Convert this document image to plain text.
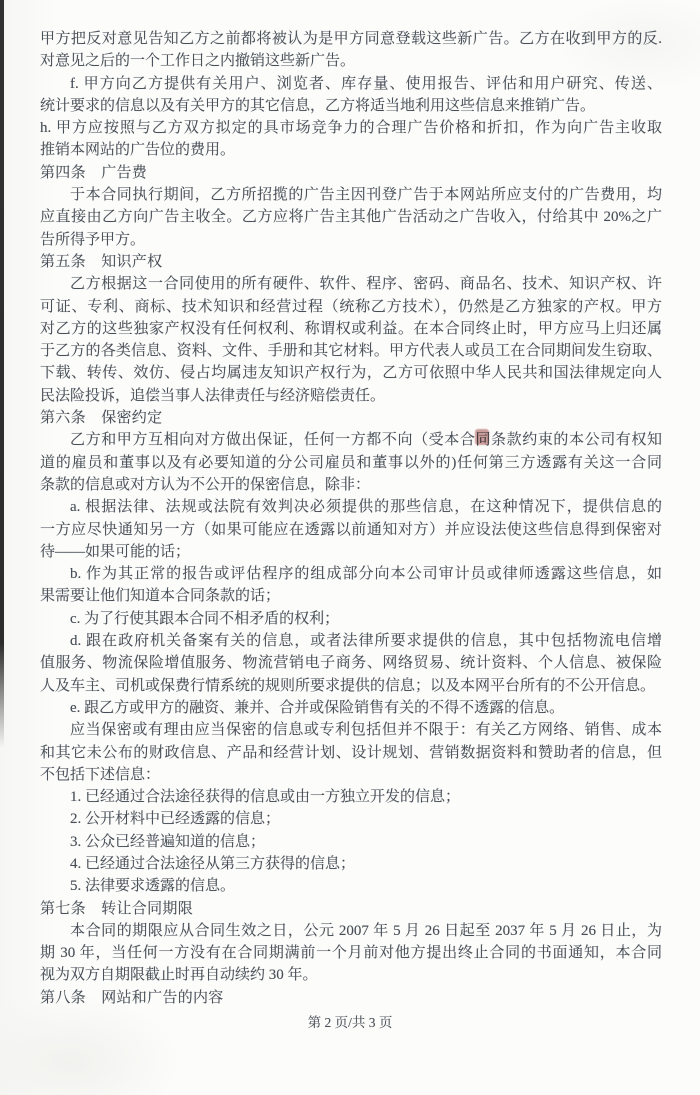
甲方把反对意见告知乙方之前都将被认为是甲方同意登载这些新广告。乙方在收到甲方的反.
对意见之后的一个工作日之内撤销这些新广告。
f. 甲方向乙方提供有关用户、浏览者、库存量、使用报告、评估和用户研究、传送、
统计要求的信息以及有关甲方的其它信息，乙方将适当地利用这些信息来推销广告。
h. 甲方应按照与乙方双方拟定的具市场竞争力的合理广告价格和折扣，作为向广告主收取
推销本网站的广告位的费用。
第四条　广告费
于本合同执行期间，乙方所招揽的广告主因刊登广告于本网站所应支付的广告费用，均
应直接由乙方向广告主收全。乙方应将广告主其他广告活动之广告收入，付给其中 20%之广
告所得予甲方。
第五条　知识产权
乙方根据这一合同使用的所有硬件、软件、程序、密码、商品名、技术、知识产权、许
可证、专利、商标、技术知识和经营过程（统称乙方技术），仍然是乙方独家的产权。甲方
对乙方的这些独家产权没有任何权利、称谓权或利益。在本合同终止时，甲方应马上归还属
于乙方的各类信息、资料、文件、手册和其它材料。甲方代表人或员工在合同期间发生窃取、
下载、转传、效仿、侵占均属违友知识产权行为，乙方可依照中华人民共和国法律规定向人
民法险投诉，追偿当事人法律责任与经济赔偿责任。
第六条　保密约定
乙方和甲方互相向对方做出保证，任何一方都不向（受本合同条款约束的本公司有权知
道的雇员和董事以及有必要知道的分公司雇员和董事以外的)任何第三方透露有关这一合同
条款的信息或对方认为不公开的保密信息，除非：
a. 根据法律、法规或法院有效判决必须提供的那些信息，在这种情况下，提供信息的
一方应尽快通知另一方（如果可能应在透露以前通知对方）并应设法使这些信息得到保密对
待——如果可能的话；
b. 作为其正常的报告或评估程序的组成部分向本公司审计员或律师透露这些信息，如
果需要让他们知道本合同条款的话；
c. 为了行使其跟本合同不相矛盾的权利；
d. 跟在政府机关备案有关的信息，或者法律所要求提供的信息，其中包括物流电信增
值服务、物流保险增值服务、物流营销电子商务、网络贸易、统计资料、个人信息、被保险
人及车主、司机或保费行情系统的规则所要求提供的信息；以及本网平台所有的不公开信息。
e. 跟乙方或甲方的融资、兼并、合并或保险销售有关的不得不透露的信息。
应当保密或有理由应当保密的信息或专利包括但并不限于：有关乙方网络、销售、成本
和其它未公布的财政信息、产品和经营计划、设计规划、营销数据资料和赞助者的信息，但
不包括下述信息：
1. 已经通过合法途径获得的信息或由一方独立开发的信息；
2. 公开材料中已经透露的信息；
3. 公众已经普遍知道的信息；
4. 已经通过合法途径从第三方获得的信息；
5. 法律要求透露的信息。
第七条　转让合同期限
本合同的期限应从合同生效之日，公元 2007 年 5 月 26 日起至 2037 年 5 月 26 日止，为
期 30 年，当任何一方没有在合同期满前一个月前对他方提出终止合同的书面通知，本合同
视为双方自期限截止时再自动续约 30 年。
第八条　网站和广告的内容
第 2 页/共 3 页
